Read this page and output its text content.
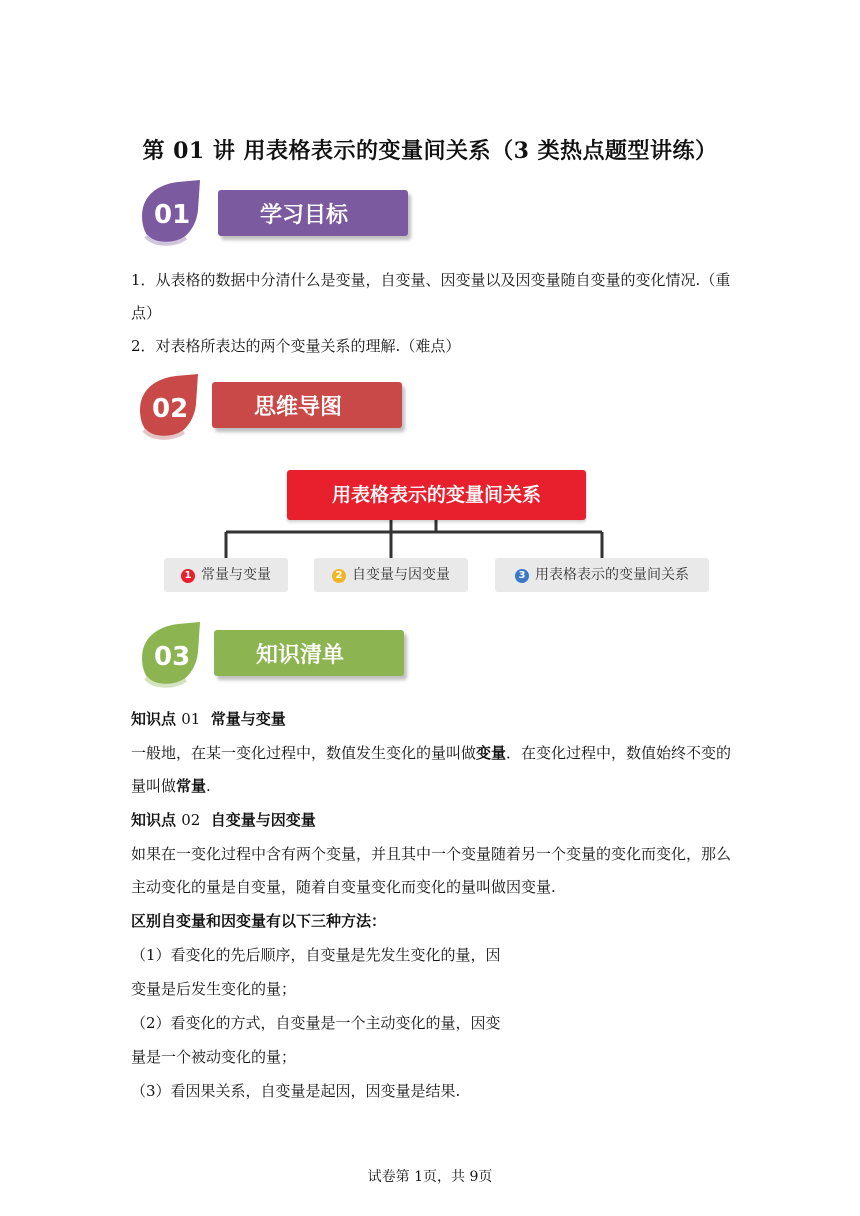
第 01 讲 用表格表示的变量间关系（3 类热点题型讲练）
01	学习目标
1．从表格的数据中分清什么是变量，自变量、因变量以及因变量随自变量的变化情况.（重
点）
2．对表格所表达的两个变量关系的理解.（难点）
02	思维导图
用表格表示的变量间关系
1 常量与变量	2 自变量与因变量	3 用表格表示的变量间关系
03	知识清单
知识点 01  常量与变量
一般地，在某一变化过程中，数值发生变化的量叫做变量．在变化过程中，数值始终不变的
量叫做常量.
知识点 02  自变量与因变量
如果在一变化过程中含有两个变量，并且其中一个变量随着另一个变量的变化而变化，那么
主动变化的量是自变量，随着自变量变化而变化的量叫做因变量.
区别自变量和因变量有以下三种方法：
（1）看变化的先后顺序，自变量是先发生变化的量，因
变量是后发生变化的量；
（2）看变化的方式，自变量是一个主动变化的量，因变
量是一个被动变化的量；
（3）看因果关系，自变量是起因，因变量是结果.
试卷第 1页，共 9页
